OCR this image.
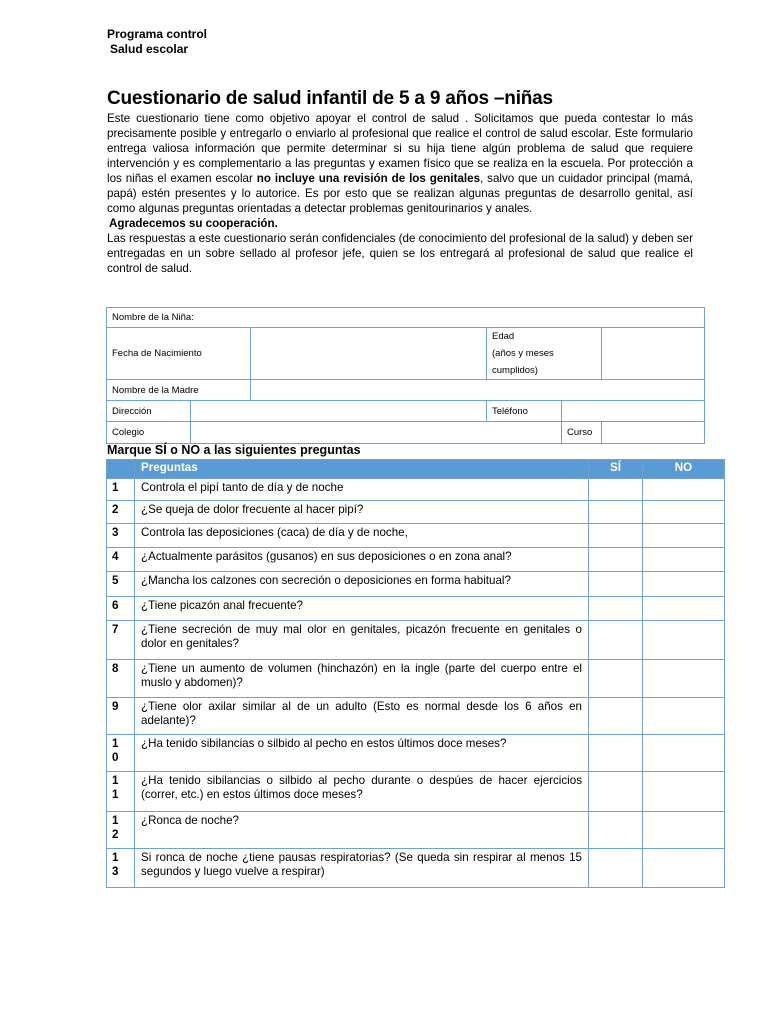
Programa control
Salud escolar
Cuestionario de salud infantil de 5 a 9 años –niñas

Este cuestionario tiene como objetivo apoyar el control de salud . Solicitamos que pueda contestar lo más precisamente posible y entregarlo o enviarlo al profesional que realice el control de salud escolar. Este formulario entrega valiosa información que permite determinar si su hija tiene algún problema de salud que requiere intervención y es complementario a las preguntas y examen físico que se realiza en la escuela. Por protección a los niñas el examen escolar no incluye una revisión de los genitales, salvo que un cuidador principal (mamá, papá) estén presentes y lo autorice. Es por esto que se realizan algunas preguntas de desarrollo genital, así como algunas preguntas orientadas a detectar problemas genitourinarios y anales.

Agradecemos su cooperación.

Las respuestas a este cuestionario serán confidenciales (de conocimiento del profesional de la salud) y deben ser entregadas en un sobre sellado al profesor jefe, quien se los entregará al profesional de salud que realice el control de salud.

Nombre de la Niña:					
Fecha de Nacimiento			Edad
(años y meses cumplidos)		

Nombre de la Madre					
Dirección			Teléfono		
Colegio				Curso	
Marque SÍ o NO a las siguientes preguntas
	Preguntas	SÍ	NO
1	Controla el pipí tanto de día y de noche		
2	¿Se queja de dolor frecuente al hacer pipí?		
3	Controla las deposiciones (caca) de día y de noche,		
4	¿Actualmente parásitos (gusanos) en sus deposiciones o en zona anal?		
5	¿Mancha los calzones con secreción o deposiciones en forma habitual?		
6	¿Tiene picazón anal frecuente?		
7	¿Tiene secreción de muy mal olor en genitales, picazón frecuente en genitales o dolor en genitales?		
8	¿Tiene un aumento de volumen (hinchazón) en la ingle (parte del cuerpo entre el muslo y abdomen)?		
9	¿Tiene olor axilar similar al de un adulto (Esto es normal desde los 6 años en adelante)?		
1
0	¿Ha tenido sibilancias o silbido al pecho en estos últimos doce meses?		
1
1	¿Ha tenido sibilancias o silbido al pecho durante o despúes de hacer ejercicios (correr, etc.) en estos últimos doce meses?		
1
2	¿Ronca de noche?		
1
3	Si ronca de noche ¿tiene pausas respiratorias? (Se queda sin respirar al menos 15 segundos y luego vuelve a respirar)		
